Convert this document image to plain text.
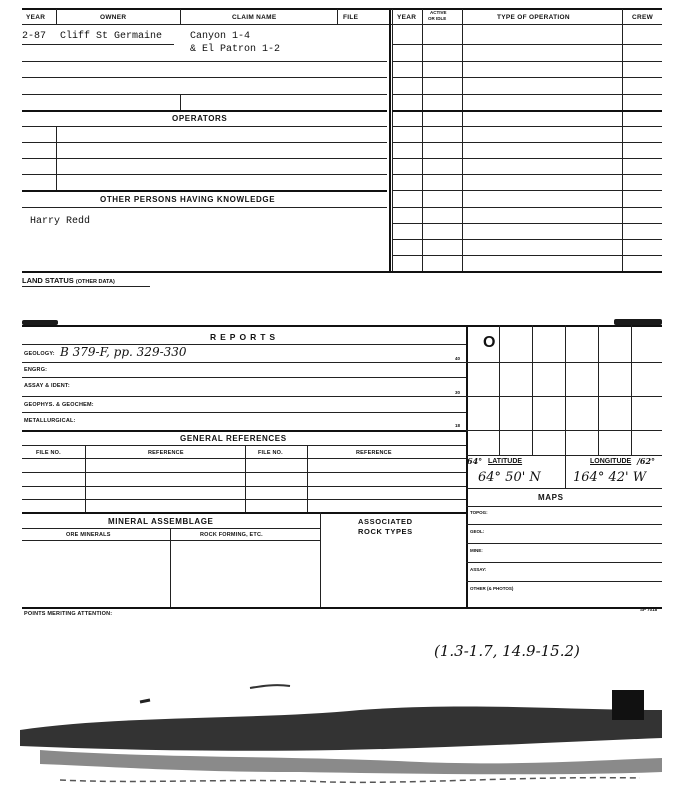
YEAR	OWNER	CLAIM NAME	FILE	YEAR
ACTIVE
OR IDLE	TYPE OF OPERATION	CREW
2-87 Cliff St Germaine	Canyon 1-4
& El Patron 1-2
OPERATORS
OTHER PERSONS HAVING KNOWLEDGE
Harry Redd
LAND STATUS (OTHER DATA)
REPORTS
GEOLOGY: B 379-F, pp. 329-330	40
ENGRG:
ASSAY & IDENT:
30
GEOPHYS. & GEOCHEM:
METALLURGICAL:
18
GENERAL REFERENCES
FILE NO.	REFERENCE	FILE NO.	REFERENCE
MINERAL ASSEMBLAGE	ASSOCIATED
ROCK TYPES
ORE MINERALS	ROCK FORMING, ETC.
O
64° LATITUDE	LONGITUDE /62°
64° 50' N 164° 42' W
MAPS
TOPOG:
GEOL:
MINE:
ASSAY:
OTHER (& PHOTOS)
POINTS MERITING ATTENTION:
SP 7018
(1.3-1.7, 14.9-15.2)
